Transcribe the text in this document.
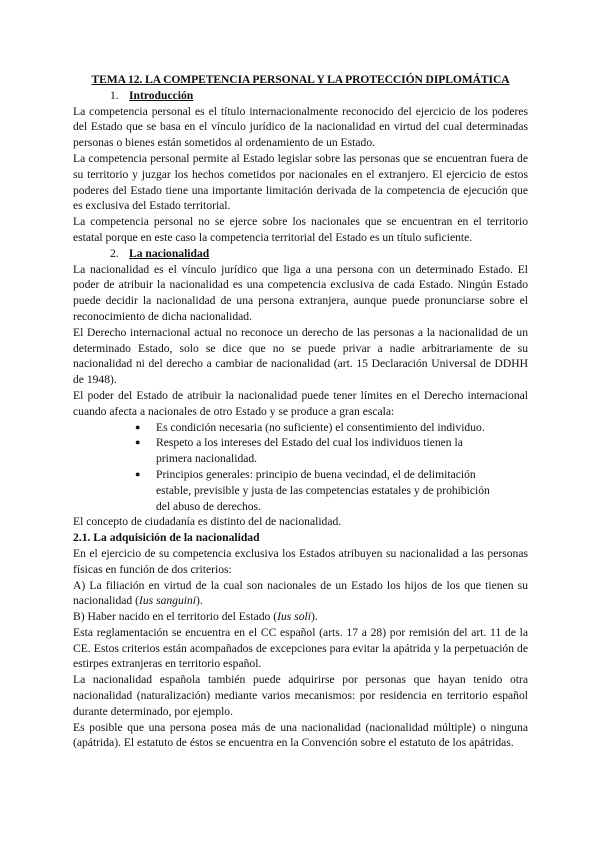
TEMA 12. LA COMPETENCIA PERSONAL Y LA PROTECCIÓN DIPLOMÁTICA
1. Introducción

La competencia personal es el título internacionalmente reconocido del ejercicio de los poderes del Estado que se basa en el vínculo jurídico de la nacionalidad en virtud del cual determinadas personas o bienes están sometidos al ordenamiento de un Estado.

La competencia personal permite al Estado legislar sobre las personas que se encuentran fuera de su territorio y juzgar los hechos cometidos por nacionales en el extranjero. El ejercicio de estos poderes del Estado tiene una importante limitación derivada de la competencia de ejecución que es exclusiva del Estado territorial.

La competencia personal no se ejerce sobre los nacionales que se encuentran en el territorio estatal porque en este caso la competencia territorial del Estado es un título suficiente.

2. La nacionalidad

La nacionalidad es el vínculo jurídico que liga a una persona con un determinado Estado. El poder de atribuir la nacionalidad es una competencia exclusiva de cada Estado. Ningún Estado puede decidir la nacionalidad de una persona extranjera, aunque puede pronunciarse sobre el reconocimiento de dicha nacionalidad.

El Derecho internacional actual no reconoce un derecho de las personas a la nacionalidad de un determinado Estado, solo se dice que no se puede privar a nadie arbitrariamente de su nacionalidad ni del derecho a cambiar de nacionalidad (art. 15 Declaración Universal de DDHH de 1948).

El poder del Estado de atribuir la nacionalidad puede tener límites en el Derecho internacional cuando afecta a nacionales de otro Estado y se produce a gran escala:

● Es condición necesaria (no suficiente) el consentimiento del individuo.
● Respeto a los intereses del Estado del cual los individuos tienen la primera nacionalidad.
● Principios generales: principio de buena vecindad, el de delimitación estable, previsible y justa de las competencias estatales y de prohibición del abuso de derechos.

El concepto de ciudadanía es distinto del de nacionalidad.

2.1. La adquisición de la nacionalidad

En el ejercicio de su competencia exclusiva los Estados atribuyen su nacionalidad a las personas físicas en función de dos criterios:

A) La filiación en virtud de la cual son nacionales de un Estado los hijos de los que tienen su nacionalidad (Ius sanguini).

B) Haber nacido en el territorio del Estado (Ius soli).

Esta reglamentación se encuentra en el CC español (arts. 17 a 28) por remisión del art. 11 de la CE. Estos criterios están acompañados de excepciones para evitar la apátrida y la perpetuación de estirpes extranjeras en territorio español.

La nacionalidad española también puede adquirirse por personas que hayan tenido otra nacionalidad (naturalización) mediante varios mecanismos: por residencia en territorio español durante determinado, por ejemplo.

Es posible que una persona posea más de una nacionalidad (nacionalidad múltiple) o ninguna (apátrida). El estatuto de éstos se encuentra en la Convención sobre el estatuto de los apátridas.
